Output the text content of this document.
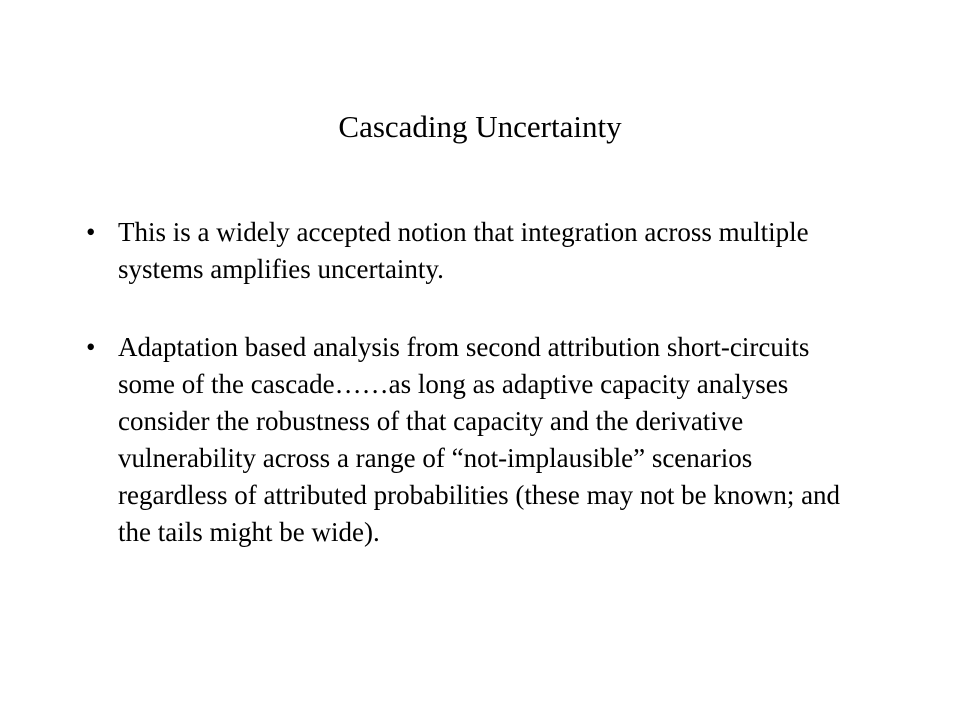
Cascading Uncertainty
• This is a widely accepted notion that integration across multiple systems amplifies uncertainty.
• Adaptation based analysis from second attribution short-circuits some of the cascade……as long as adaptive capacity analyses consider the robustness of that capacity and the derivative vulnerability across a range of “not-implausible” scenarios regardless of attributed probabilities (these may not be known; and the tails might be wide).
